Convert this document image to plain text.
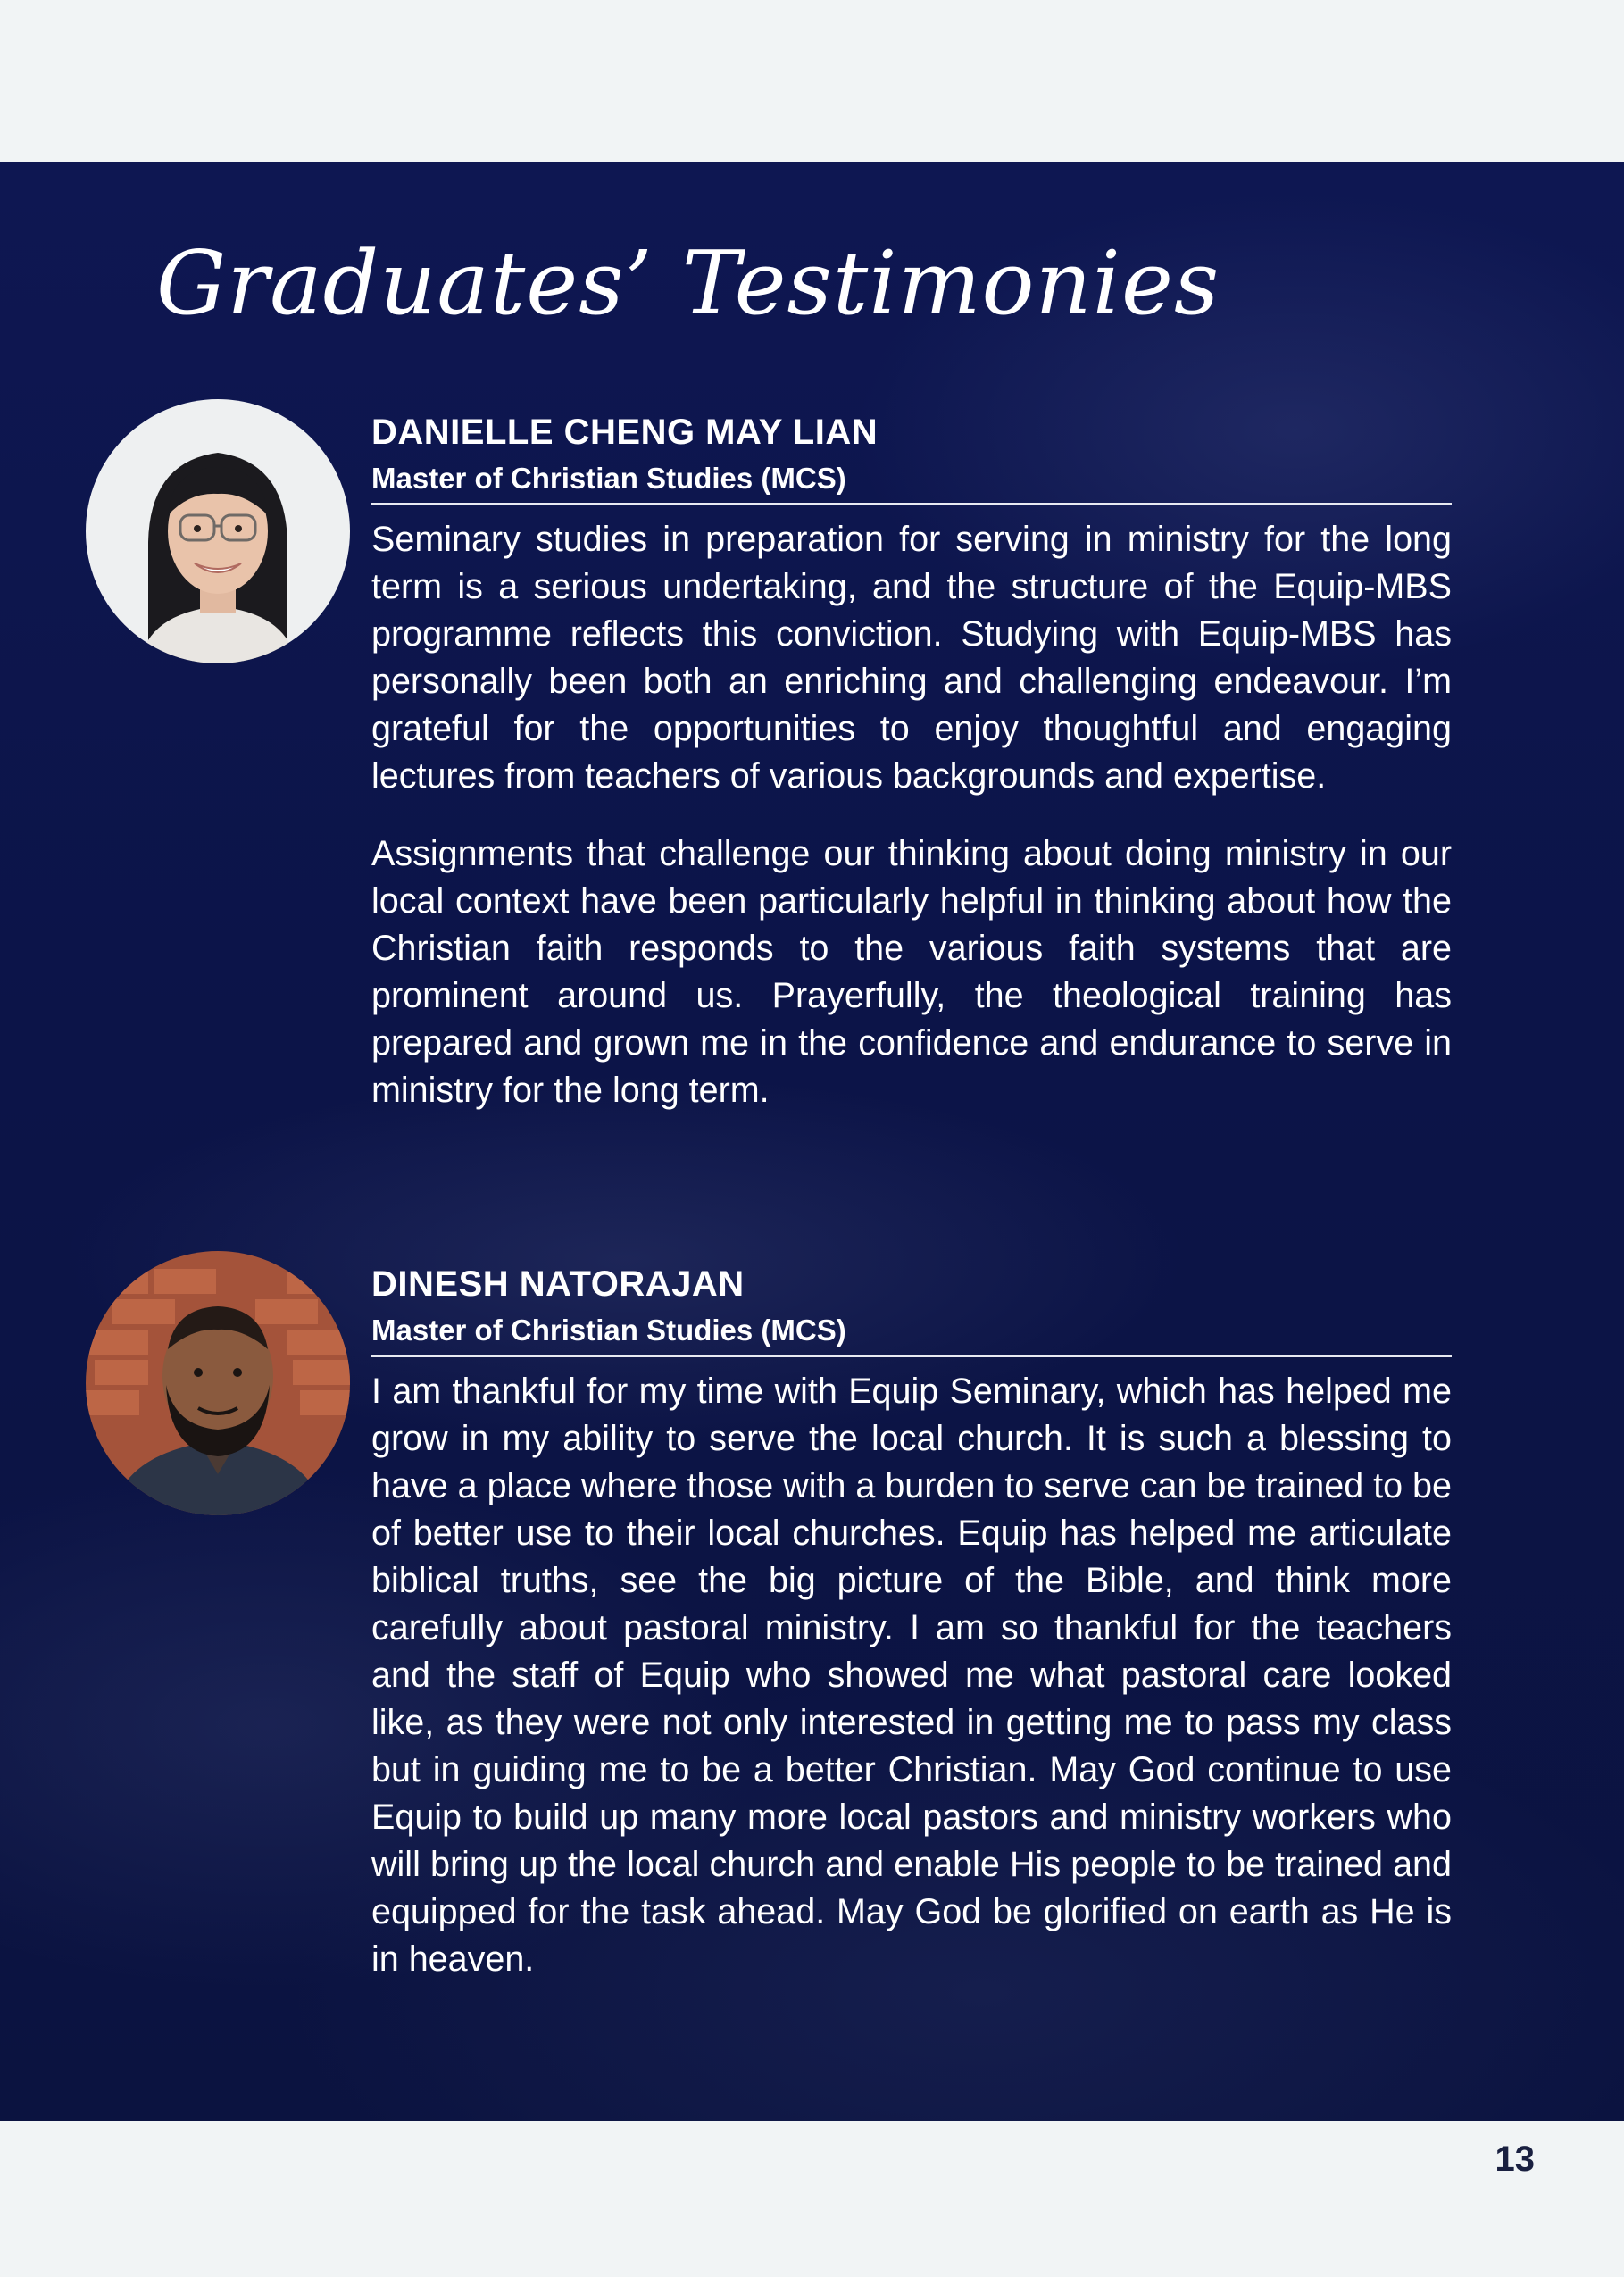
Graduates’ Testimonies
DANIELLE CHENG MAY LIAN

Master of Christian Studies (MCS)

Seminary studies in preparation for serving in ministry for the long term is a serious undertaking, and the structure of the Equip-MBS programme reflects this conviction. Studying with Equip-MBS has personally been both an enriching and challenging endeavour. I’m grateful for the opportunities to enjoy thoughtful and engaging lectures from teachers of various backgrounds and expertise.

Assignments that challenge our thinking about doing ministry in our local context have been particularly helpful in thinking about how the Christian faith responds to the various faith systems that are prominent around us. Prayerfully, the theological training has prepared and grown me in the confidence and endurance to serve in ministry for the long term.

DINESH NATORAJAN

Master of Christian Studies (MCS)

I am thankful for my time with Equip Seminary, which has helped me grow in my ability to serve the local church. It is such a blessing to have a place where those with a burden to serve can be trained to be of better use to their local churches. Equip has helped me articulate biblical truths, see the big picture of the Bible, and think more carefully about pastoral ministry. I am so thankful for the teachers and the staff of Equip who showed me what pastoral care looked like, as they were not only interested in getting me to pass my class but in guiding me to be a better Christian. May God continue to use Equip to build up many more local pastors and ministry workers who will bring up the local church and enable His people to be trained and equipped for the task ahead. May God be glorified on earth as He is in heaven.

13
